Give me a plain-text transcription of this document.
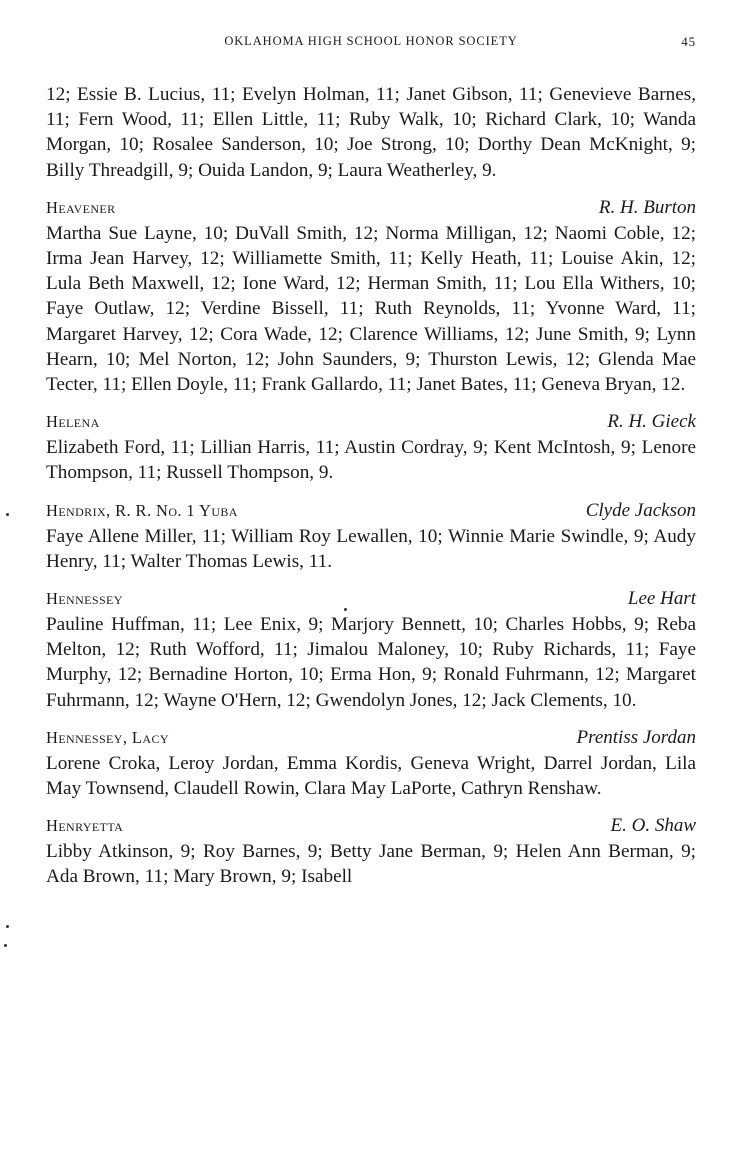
OKLAHOMA HIGH SCHOOL HONOR SOCIETY	45

12; Essie B. Lucius, 11; Evelyn Holman, 11; Janet Gibson, 11; Genevieve Barnes, 11; Fern Wood, 11; Ellen Little, 11; Ruby Walk, 10; Richard Clark, 10; Wanda Morgan, 10; Rosalee Sanderson, 10; Joe Strong, 10; Dorthy Dean McKnight, 9; Billy Threadgill, 9; Ouida Landon, 9; Laura Weatherley, 9.

Heavener	R. H. Burton

Martha Sue Layne, 10; DuVall Smith, 12; Norma Milligan, 12; Naomi Coble, 12; Irma Jean Harvey, 12; Williamette Smith, 11; Kelly Heath, 11; Louise Akin, 12; Lula Beth Maxwell, 12; Ione Ward, 12; Herman Smith, 11; Lou Ella Withers, 10; Faye Outlaw, 12; Verdine Bissell, 11; Ruth Reynolds, 11; Yvonne Ward, 11; Margaret Harvey, 12; Cora Wade, 12; Clarence Williams, 12; June Smith, 9; Lynn Hearn, 10; Mel Norton, 12; John Saunders, 9; Thurston Lewis, 12; Glenda Mae Tecter, 11; Ellen Doyle, 11; Frank Gallardo, 11; Janet Bates, 11; Geneva Bryan, 12.

Helena	R. H. Gieck

Elizabeth Ford, 11; Lillian Harris, 11; Austin Cordray, 9; Kent McIntosh, 9; Lenore Thompson, 11; Russell Thompson, 9.

Hendrix, R. R. No. 1 Yuba	Clyde Jackson

Faye Allene Miller, 11; William Roy Lewallen, 10; Winnie Marie Swindle, 9; Audy Henry, 11; Walter Thomas Lewis, 11.

Hennessey	Lee Hart

Pauline Huffman, 11; Lee Enix, 9; Marjory Bennett, 10; Charles Hobbs, 9; Reba Melton, 12; Ruth Wofford, 11; Jimalou Maloney, 10; Ruby Richards, 11; Faye Murphy, 12; Bernadine Horton, 10; Erma Hon, 9; Ronald Fuhrmann, 12; Margaret Fuhrmann, 12; Wayne O'Hern, 12; Gwendolyn Jones, 12; Jack Clements, 10.

Hennessey, Lacy	Prentiss Jordan

Lorene Croka, Leroy Jordan, Emma Kordis, Geneva Wright, Darrel Jordan, Lila May Townsend, Claudell Rowin, Clara May LaPorte, Cathryn Renshaw.

Henryetta	E. O. Shaw

Libby Atkinson, 9; Roy Barnes, 9; Betty Jane Berman, 9; Helen Ann Berman, 9; Ada Brown, 11; Mary Brown, 9; Isabell
